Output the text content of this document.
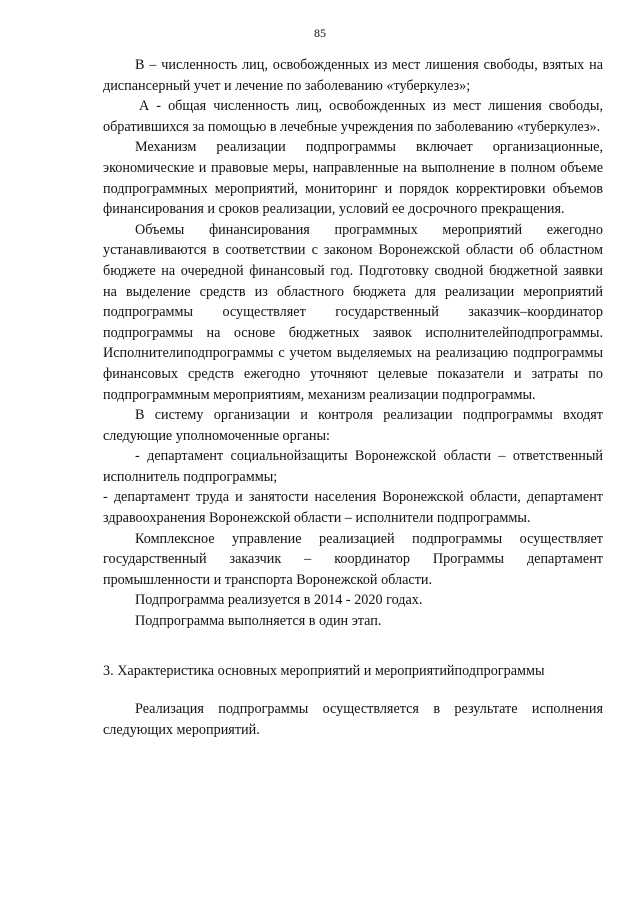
85

В – численность лиц, освобожденных из мест лишения свободы, взятых на диспансерный учет и лечение по заболеванию «туберкулез»;

А - общая численность лиц, освобожденных из мест лишения свободы, обратившихся за помощью в лечебные учреждения по заболеванию «туберкулез».

Механизм реализации подпрограммы включает организационные, экономические и правовые меры, направленные на выполнение в полном объеме подпрограммных мероприятий, мониторинг и порядок корректировки объемов финансирования и сроков реализации, условий ее досрочного прекращения.

Объемы финансирования программных мероприятий ежегодно устанавливаются в соответствии с законом Воронежской области об областном бюджете на очередной финансовый год. Подготовку сводной бюджетной заявки на выделение средств из областного бюджета для реализации мероприятий подпрограммы осуществляет государственный заказчик–координатор подпрограммы на основе бюджетных заявок исполнителейподпрограммы. Исполнителиподпрограммы с учетом выделяемых на реализацию подпрограммы финансовых средств ежегодно уточняют целевые показатели и затраты по подпрограммным мероприятиям, механизм реализации подпрограммы.

В систему организации и контроля реализации подпрограммы входят следующие уполномоченные органы:

- департамент социальнойзащиты Воронежской области – ответственный исполнитель подпрограммы;

- департамент труда и занятости населения Воронежской области, департамент здравоохранения Воронежской области – исполнители подпрограммы.

Комплексное управление реализацией подпрограммы осуществляет государственный заказчик – координатор Программы департамент промышленности и транспорта Воронежской области.

Подпрограмма реализуется в 2014 - 2020 годах.

Подпрограмма выполняется в один этап.

3. Характеристика основных мероприятий и мероприятийподпрограммы

Реализация подпрограммы осуществляется в результате исполнения следующих мероприятий.
